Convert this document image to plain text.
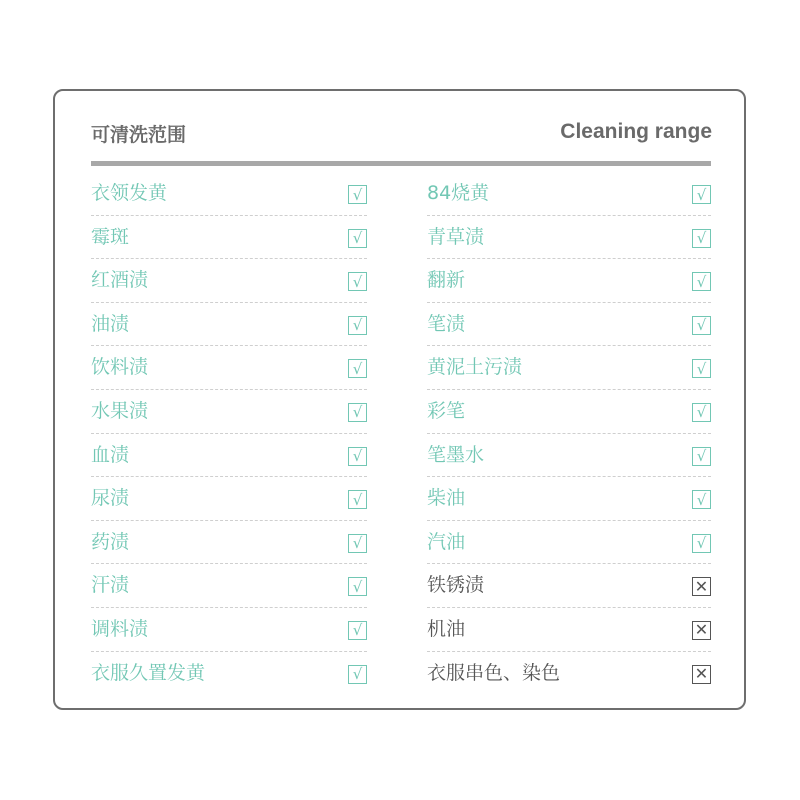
可清洗范围	Cleaning range
衣领发黄	√
霉斑	√
红酒渍	√
油渍	√
饮料渍	√
水果渍	√
血渍	√
尿渍	√
药渍	√
汗渍	√
调料渍	√
衣服久置发黄	√
84烧黄	√
青草渍	√
翻新	√
笔渍	√
黄泥土污渍	√
彩笔	√
笔墨水	√
柴油	√
汽油	√
铁锈渍	✕
机油	✕
衣服串色、染色	✕
